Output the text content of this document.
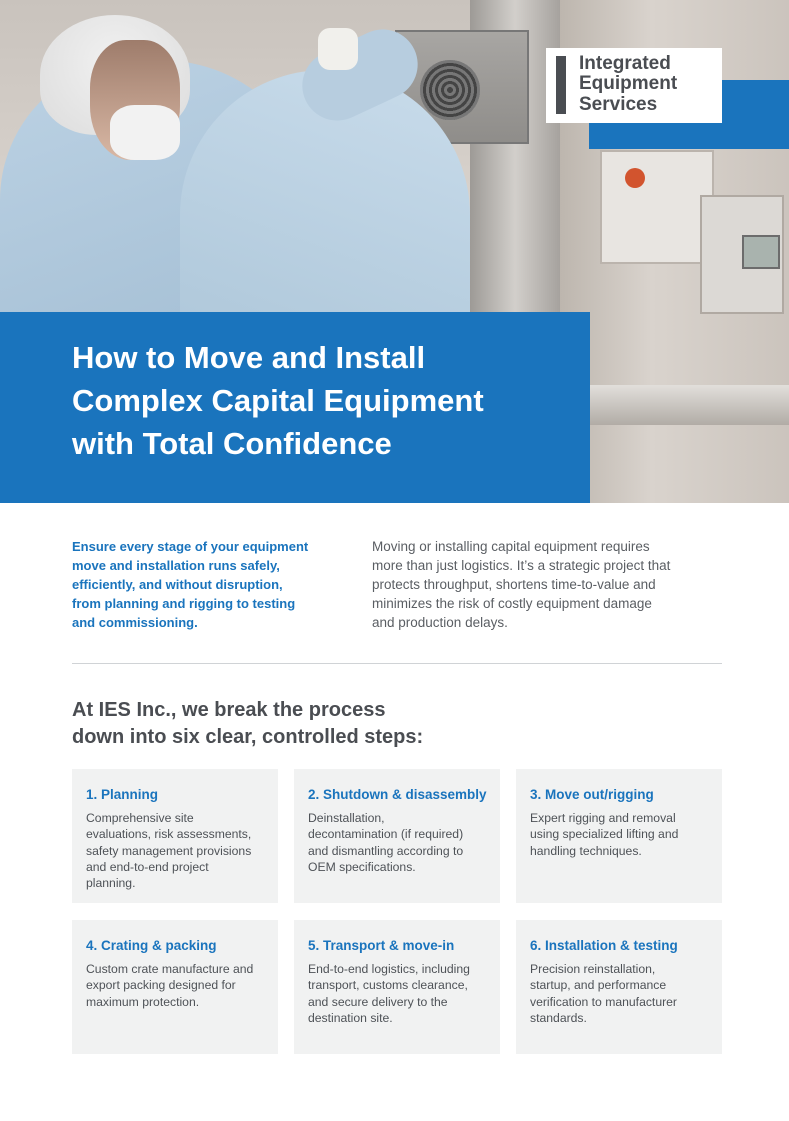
Integrated
Equipment
Services
How to Move and Install
Complex Capital Equipment
with Total Confidence

Ensure every stage of your equipment
move and installation runs safely,
efficiently, and without disruption,
from planning and rigging to testing
and commissioning.

Moving or installing capital equipment requires
more than just logistics. It’s a strategic project that
protects throughput, shortens time-to-value and
minimizes the risk of costly equipment damage
and production delays.

At IES Inc., we break the process
down into six clear, controlled steps:
1. Planning

Comprehensive site
evaluations, risk assessments,
safety management provisions
and end-to-end project
planning.

2. Shutdown & disassembly

Deinstallation,
decontamination (if required)
and dismantling according to
OEM specifications.

3. Move out/rigging

Expert rigging and removal
using specialized lifting and
handling techniques.

4. Crating & packing

Custom crate manufacture and
export packing designed for
maximum protection.

5. Transport & move-in

End-to-end logistics, including
transport, customs clearance,
and secure delivery to the
destination site.

6. Installation & testing

Precision reinstallation,
startup, and performance
verification to manufacturer
standards.
